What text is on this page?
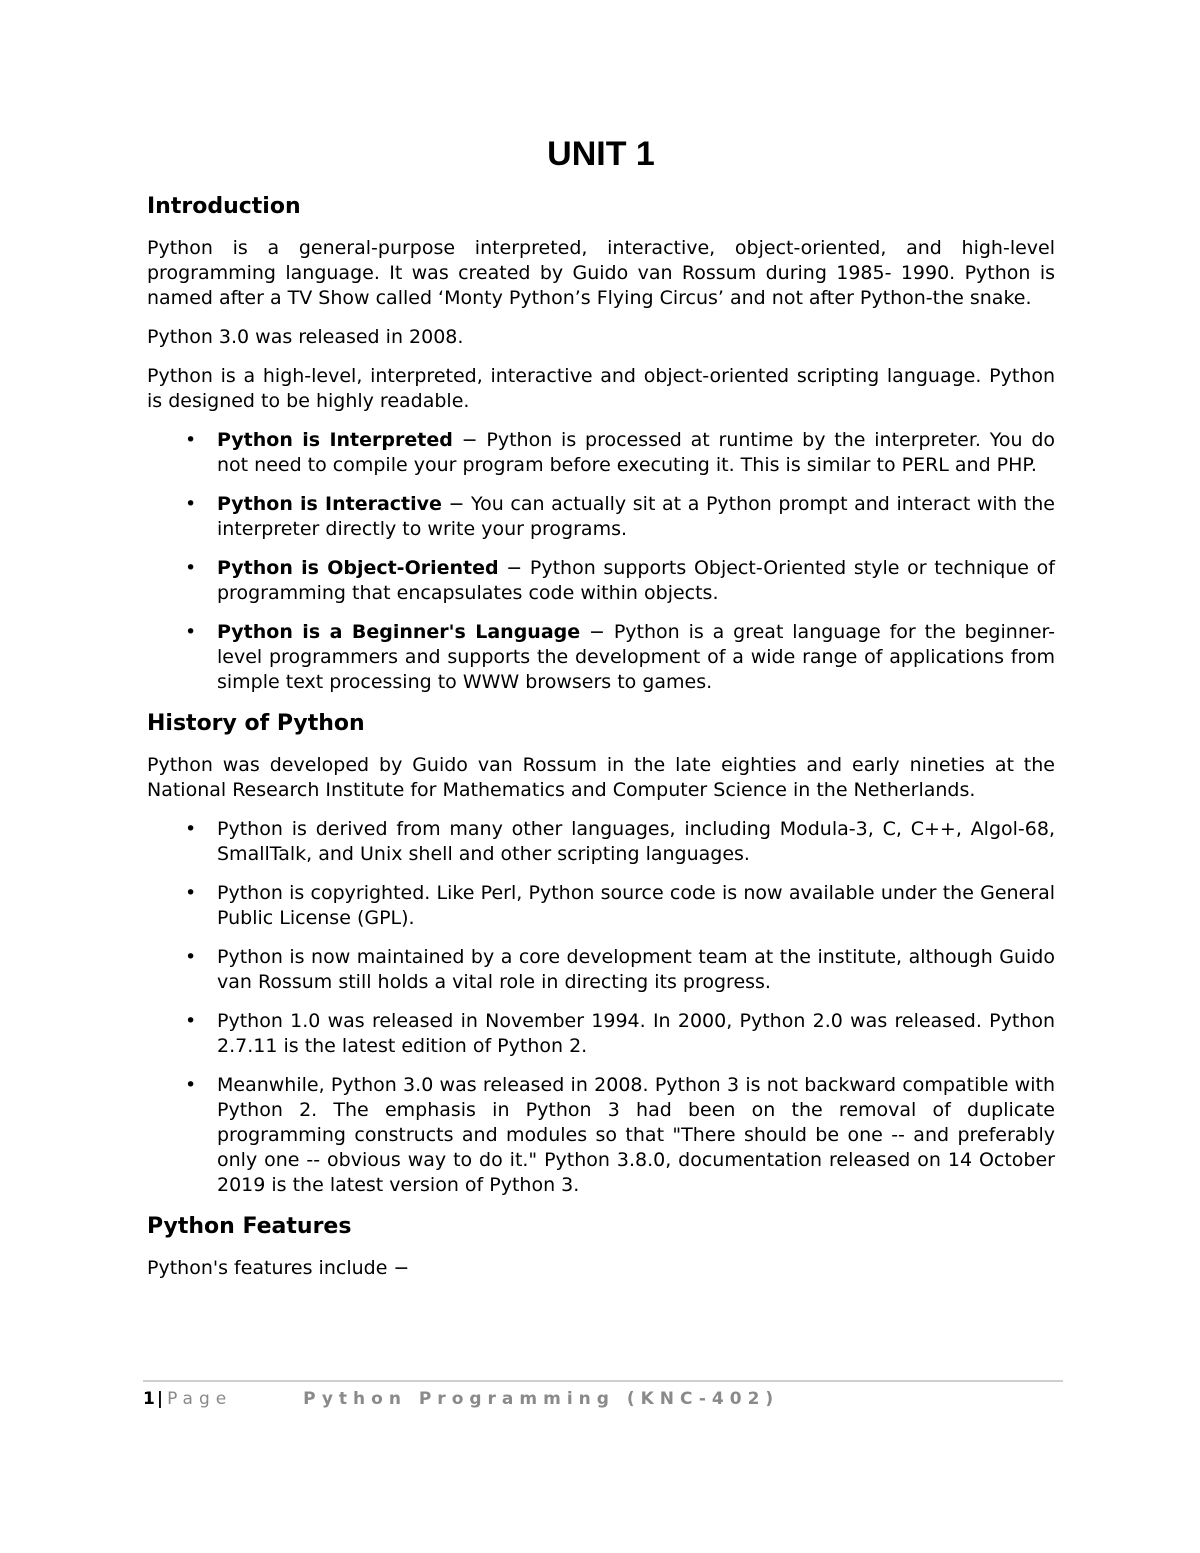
UNIT 1
Introduction

Python is a general-purpose interpreted, interactive, object-oriented, and high-level programming language. It was created by Guido van Rossum during 1985- 1990. Python is named after a TV Show called ‘Monty Python’s Flying Circus’ and not after Python-the snake.

Python 3.0 was released in 2008.

Python is a high-level, interpreted, interactive and object-oriented scripting language. Python is designed to be highly readable.

• Python is Interpreted − Python is processed at runtime by the interpreter. You do not need to compile your program before executing it. This is similar to PERL and PHP.
• Python is Interactive − You can actually sit at a Python prompt and interact with the interpreter directly to write your programs.
• Python is Object-Oriented − Python supports Object-Oriented style or technique of programming that encapsulates code within objects.
• Python is a Beginner's Language − Python is a great language for the beginner-level programmers and supports the development of a wide range of applications from simple text processing to WWW browsers to games.
History of Python

Python was developed by Guido van Rossum in the late eighties and early nineties at the National Research Institute for Mathematics and Computer Science in the Netherlands.

• Python is derived from many other languages, including Modula-3, C, C++, Algol-68, SmallTalk, and Unix shell and other scripting languages.
• Python is copyrighted. Like Perl, Python source code is now available under the General Public License (GPL).
• Python is now maintained by a core development team at the institute, although Guido van Rossum still holds a vital role in directing its progress.
• Python 1.0 was released in November 1994. In 2000, Python 2.0 was released. Python 2.7.11 is the latest edition of Python 2.
• Meanwhile, Python 3.0 was released in 2008. Python 3 is not backward compatible with Python 2. The emphasis in Python 3 had been on the removal of duplicate programming constructs and modules so that "There should be one -- and preferably only one -- obvious way to do it." Python 3.8.0, documentation released on 14 October 2019 is the latest version of Python 3.
Python Features

Python's features include −

1 | Page	Python Programming (KNC-402)
